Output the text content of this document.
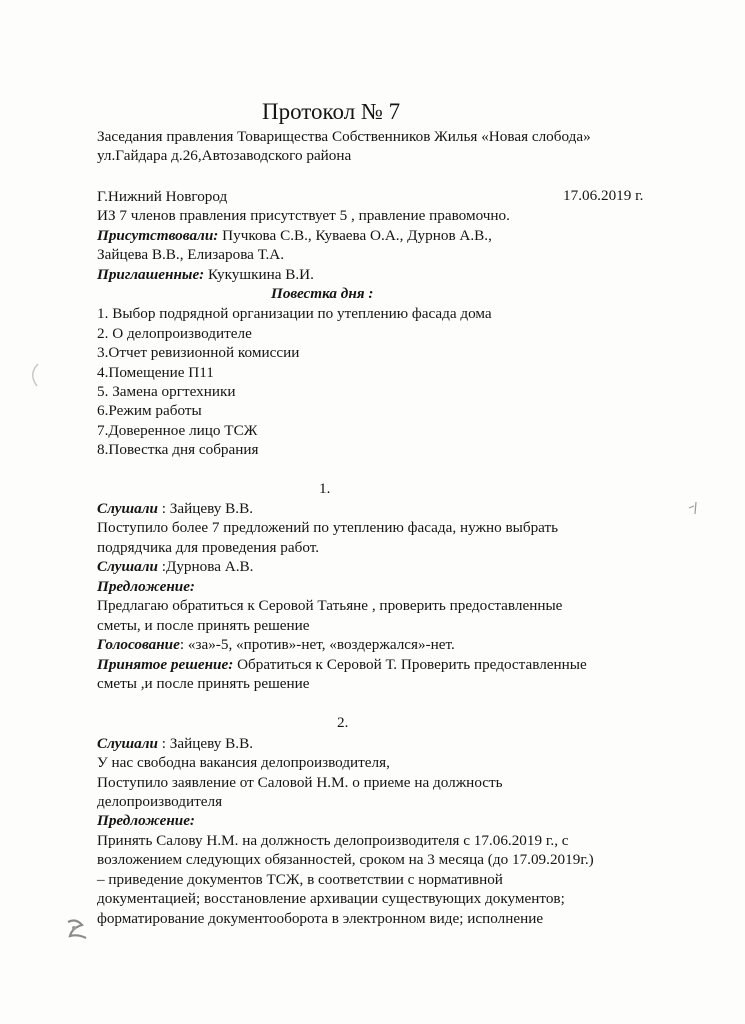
Протокол № 7
Заседания правления Товарищества Собственников Жилья «Новая слобода»
ул.Гайдара д.26,Автозаводского района
Г.Нижний Новгород	17.06.2019 г.
ИЗ 7 членов правления присутствует 5 , правление правомочно.
Присутствовали: Пучкова С.В., Куваева О.А., Дурнов А.В.,
Зайцева В.В., Елизарова Т.А.
Приглашенные: Кукушкина В.И.
Повестка дня :
1. Выбор подрядной организации по утеплению фасада дома
2. О делопроизводителе
3.Отчет ревизионной комиссии
4.Помещение П11
5. Замена оргтехники
6.Режим работы
7.Доверенное лицо ТСЖ
8.Повестка дня собрания
1.
Слушали : Зайцеву В.В.
Поступило более 7 предложений по утеплению фасада, нужно выбрать
подрядчика для проведения работ.
Слушали :Дурнова А.В.
Предложение:
Предлагаю обратиться к Серовой Татьяне , проверить предоставленные
сметы, и после принять решение
Голосование: «за»-5, «против»-нет, «воздержался»-нет.
Принятое решение: Обратиться к Серовой Т. Проверить предоставленные
сметы ,и после принять решение
2.
Слушали : Зайцеву В.В.
У нас свободна вакансия делопроизводителя,
Поступило заявление от Саловой Н.М. о приеме на должность
делопроизводителя
Предложение:
Принять Салову Н.М. на должность делопроизводителя с 17.06.2019 г., с
возложением следующих обязанностей, сроком на 3 месяца (до 17.09.2019г.)
– приведение документов ТСЖ, в соответствии с нормативной
документацией; восстановление архивации существующих документов;
форматирование документооборота в электронном виде; исполнение
